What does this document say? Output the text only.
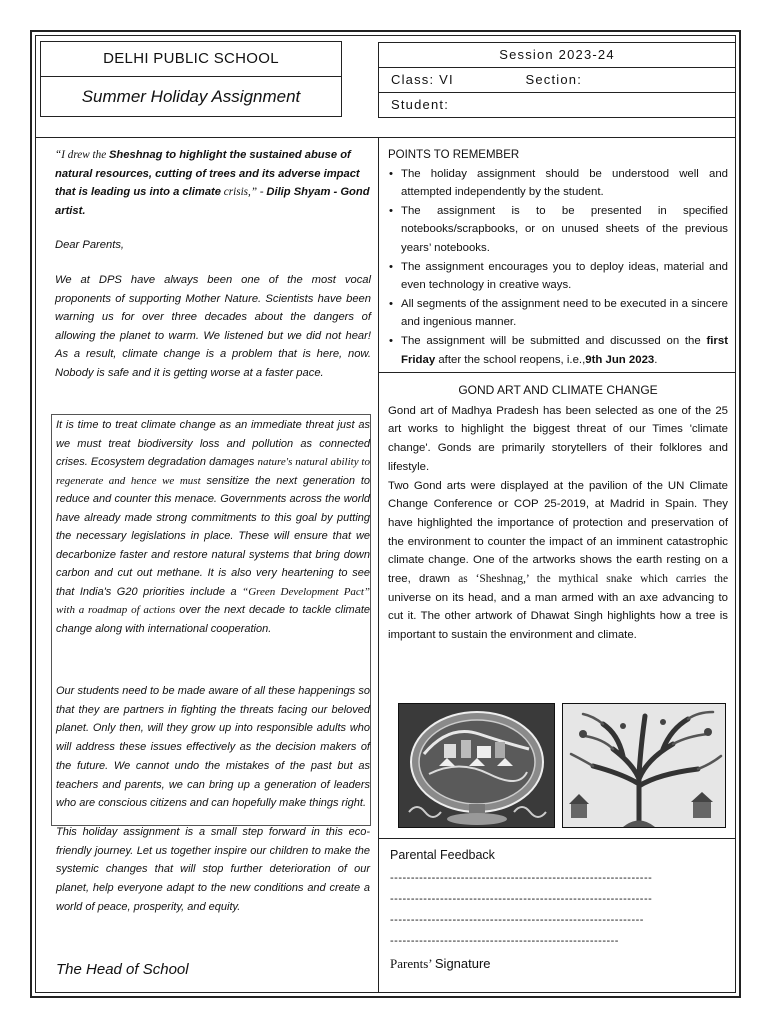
DELHI PUBLIC SCHOOL
Summer Holiday Assignment
Session 2023-24
Class: VI	Section:
Student:
“I drew the Sheshnag to highlight the sustained abuse of natural resources, cutting of trees and its adverse impact that is leading us into a climate crisis,” - Dilip Shyam - Gond artist.
Dear Parents,
We at DPS have always been one of the most vocal proponents of supporting Mother Nature. Scientists have been warning us for over three decades about the dangers of allowing the planet to warm. We listened but we did not hear! As a result, climate change is a problem that is here, now. Nobody is safe and it is getting worse at a faster pace.
It is time to treat climate change as an immediate threat just as we must treat biodiversity loss and pollution as connected crises. Ecosystem degradation damages nature's natural ability to regenerate and hence we must sensitize the next generation to reduce and counter this menace. Governments across the world have already made strong commitments to this goal by putting the necessary legislations in place. These will ensure that we decarbonize faster and restore natural systems that bring down carbon and cut out methane. It is also very heartening to see that India's G20 priorities include a “Green Development Pact” with a roadmap of actions over the next decade to tackle climate change along with international cooperation.

Our students need to be made aware of all these happenings so that they are partners in fighting the threats facing our beloved planet. Only then, will they grow up into responsible adults who will address these issues effectively as the decision makers of the future. We cannot undo the mistakes of the past but as teachers and parents, we can bring up a generation of leaders who are conscious citizens and can hopefully make things right.

This holiday assignment is a small step forward in this eco-friendly journey. Let us together inspire our children to make the systemic changes that will stop further deterioration of our planet, help everyone adapt to the new conditions and create a world of peace, prosperity, and equity.

The Head of School
POINTS TO REMEMBER
• The holiday assignment should be understood well and attempted independently by the student.
• The assignment is to be presented in specified notebooks/scrapbooks, or on unused sheets of the previous years’ notebooks.
• The assignment encourages you to deploy ideas, material and even technology in creative ways.
• All segments of the assignment need to be executed in a sincere and ingenious manner.
• The assignment will be submitted and discussed on the first Friday after the school reopens, i.e.,9th Jun 2023.
GOND ART AND CLIMATE CHANGE

Gond art of Madhya Pradesh has been selected as one of the 25 art works to highlight the biggest threat of our Times 'climate change'. Gonds are primarily storytellers of their folklores and lifestyle.

Two Gond arts were displayed at the pavilion of the UN Climate Change Conference or COP 25-2019, at Madrid in Spain. They have highlighted the importance of protection and preservation of the environment to counter the impact of an imminent catastrophic climate change. One of the artworks shows the earth resting on a tree, drawn as ‘Sheshnag,’ the mythical snake which carries the universe on its head, and a man armed with an axe advancing to cut it. The other artwork of Dhawat Singh highlights how a tree is important to sustain the environment and climate.

Parental Feedback
---------------------------------------------------------------
---------------------------------------------------------------
-------------------------------------------------------------
-------------------------------------------------------
Parents’ Signature
